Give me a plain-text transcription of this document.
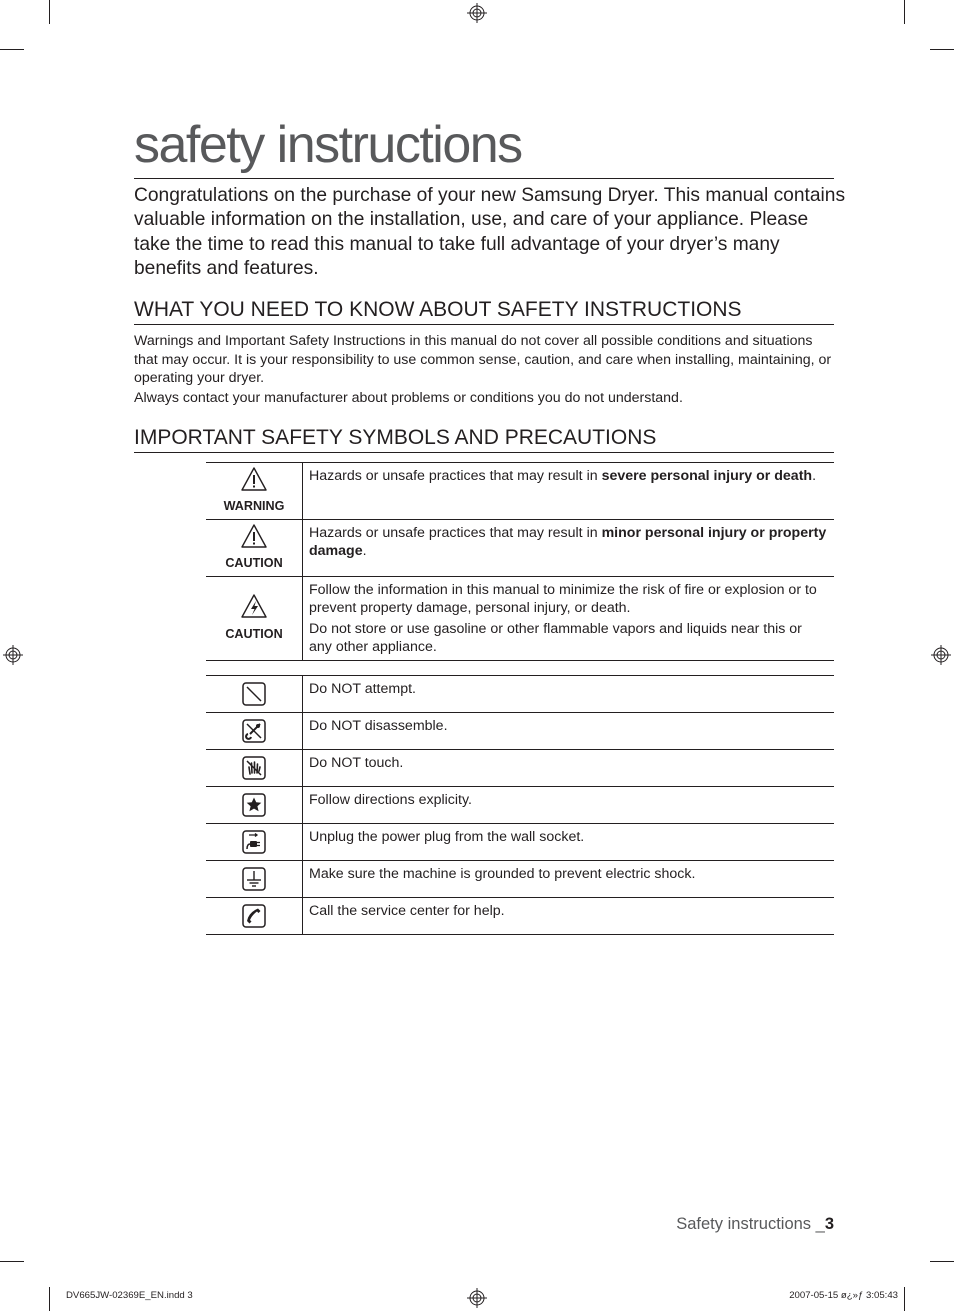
safety instructions
Congratulations on the purchase of your new Samsung Dryer. This manual contains valuable information on the installation, use, and care of your appliance. Please take the time to read this manual to take full advantage of your dryer’s many benefits and features.
WHAT YOU NEED TO KNOW ABOUT SAFETY INSTRUCTIONS
Warnings and Important Safety Instructions in this manual do not cover all possible conditions and situations that may occur. It is your responsibility to use common sense, caution, and care when installing, maintaining, or operating your dryer.
Always contact your manufacturer about problems or conditions you do not understand.
IMPORTANT SAFETY SYMBOLS AND PRECAUTIONS
WARNING	Hazards or unsafe practices that may result in severe personal injury or death.

CAUTION	Hazards or unsafe practices that may result in minor personal injury or property damage.

CAUTION	Follow the information in this manual to minimize the risk of fire or explosion or to prevent property damage, personal injury, or death.
Do not store or use gasoline or other flammable vapors and liquids near this or any other appliance.
	Do NOT attempt.
	Do NOT disassemble.
	Do NOT touch.
	Follow directions explicity.
	Unplug the power plug from the wall socket.
	Make sure the machine is grounded to prevent electric shock.
	Call the service center for help.
Safety instructions _3
DV665JW-02369E_EN.indd 3	2007-05-15 ø¿»ƒ 3:05:43
